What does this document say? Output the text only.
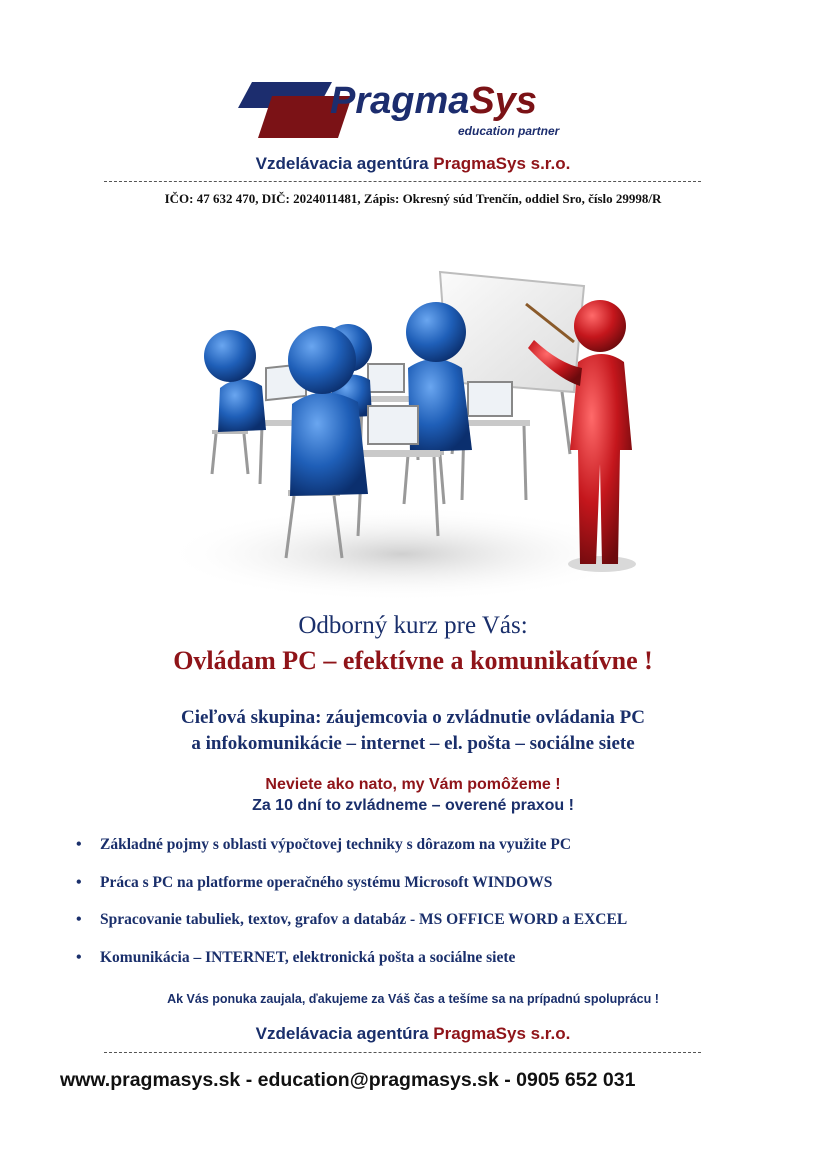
PragmaSys
education partner
Vzdelávacia agentúra PragmaSys s.r.o.
IČO: 47 632 470, DIČ: 2024011481, Zápis: Okresný súd Trenčín, oddiel Sro, číslo 29998/R
Odborný kurz pre Vás:
Ovládam PC – efektívne a komunikatívne !
Cieľová skupina: záujemcovia o zvládnutie ovládania PC
a infokomunikácie – internet – el. pošta – sociálne siete
Neviete ako nato, my Vám pomôžeme !
Za 10 dní to zvládneme – overené praxou !
•	Základné pojmy s oblasti výpočtovej techniky s dôrazom na využite PC
•	Práca s PC na platforme operačného systému Microsoft WINDOWS
•	Spracovanie tabuliek, textov, grafov a databáz - MS OFFICE WORD a EXCEL
•	Komunikácia – INTERNET, elektronická pošta a sociálne siete
Ak Vás ponuka zaujala, ďakujeme za Váš čas a tešíme sa na prípadnú spoluprácu !
Vzdelávacia agentúra PragmaSys s.r.o.
www.pragmasys.sk - education@pragmasys.sk - 0905 652 031
